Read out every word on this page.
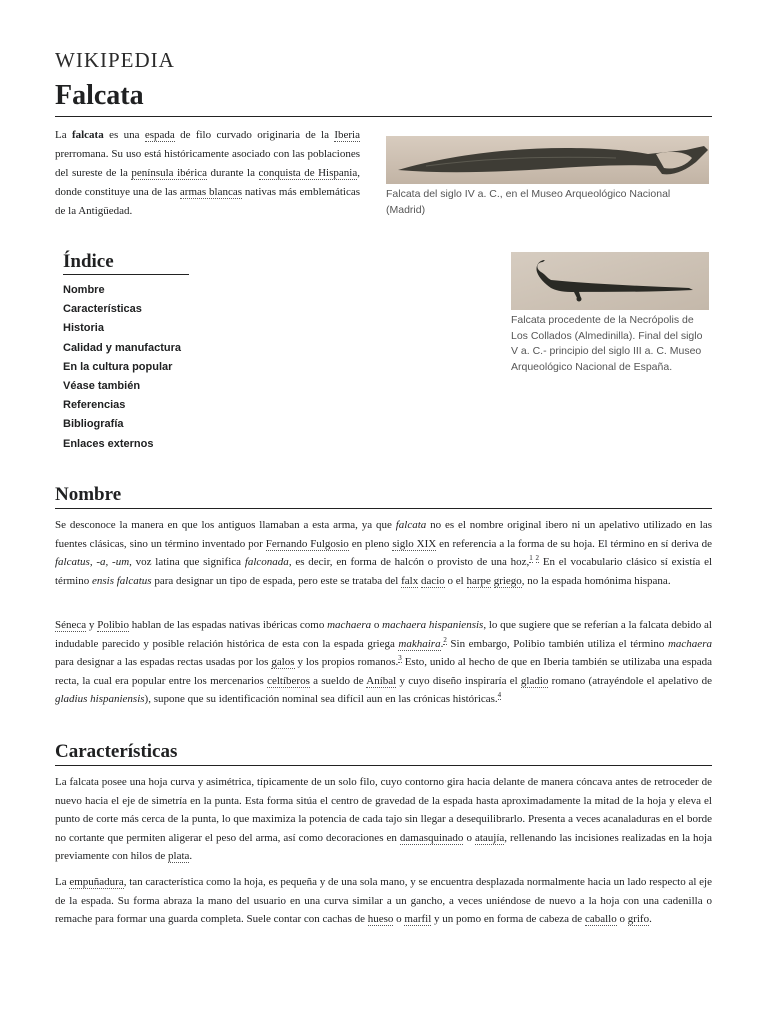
WIKIPEDIA
Falcata

La falcata es una espada de filo curvado originaria de la Iberia prerromana. Su uso está históricamente asociado con las poblaciones del sureste de la península ibérica durante la conquista de Hispania, donde constituye una de las armas blancas nativas más emblemáticas de la Antigüedad.

Falcata del siglo IV a. C., en el Museo Arqueológico Nacional (Madrid)
Falcata procedente de la Necrópolis de Los Collados (Almedinilla). Final del siglo V a. C.- principio del siglo III a. C. Museo Arqueológico Nacional de España.
Índice
Nombre
Características
Historia
Calidad y manufactura
En la cultura popular
Véase también
Referencias
Bibliografía
Enlaces externos
Nombre

Se desconoce la manera en que los antiguos llamaban a esta arma, ya que falcata no es el nombre original ibero ni un apelativo utilizado en las fuentes clásicas, sino un término inventado por Fernando Fulgosio en pleno siglo XIX en referencia a la forma de su hoja. El término en sí deriva de falcatus, -a, -um, voz latina que significa falconada, es decir, en forma de halcón o provisto de una hoz,$^{1 2}$ En el vocabulario clásico sí existía el término ensis falcatus para designar un tipo de espada, pero este se trataba del falx dacio o el harpe griego, no la espada homónima hispana.

Séneca y Polibio hablan de las espadas nativas ibéricas como machaera o machaera hispaniensis, lo que sugiere que se referían a la falcata debido al indudable parecido y posible relación histórica de esta con la espada griega makhaira.$^2$ Sin embargo, Polibio también utiliza el término machaera para designar a las espadas rectas usadas por los galos y los propios romanos.$^3$ Esto, unido al hecho de que en Iberia también se utilizaba una espada recta, la cual era popular entre los mercenarios celtíberos a sueldo de Aníbal y cuyo diseño inspiraría el gladio romano (atrayéndole el apelativo de gladius hispaniensis), supone que su identificación nominal sea difícil aun en las crónicas históricas.$^4$

Características

La falcata posee una hoja curva y asimétrica, típicamente de un solo filo, cuyo contorno gira hacia delante de manera cóncava antes de retroceder de nuevo hacia el eje de simetría en la punta. Esta forma sitúa el centro de gravedad de la espada hasta aproximadamente la mitad de la hoja y eleva el punto de corte más cerca de la punta, lo que maximiza la potencia de cada tajo sin llegar a desequilibrarlo. Presenta a veces acanaladuras en el borde no cortante que permiten aligerar el peso del arma, así como decoraciones en damasquinado o ataujía, rellenando las incisiones realizadas en la hoja previamente con hilos de plata.

La empuñadura, tan característica como la hoja, es pequeña y de una sola mano, y se encuentra desplazada normalmente hacia un lado respecto al eje de la espada. Su forma abraza la mano del usuario en una curva similar a un gancho, a veces uniéndose de nuevo a la hoja con una cadenilla o remache para formar una guarda completa. Suele contar con cachas de hueso o marfil y un pomo en forma de cabeza de caballo o grifo.
